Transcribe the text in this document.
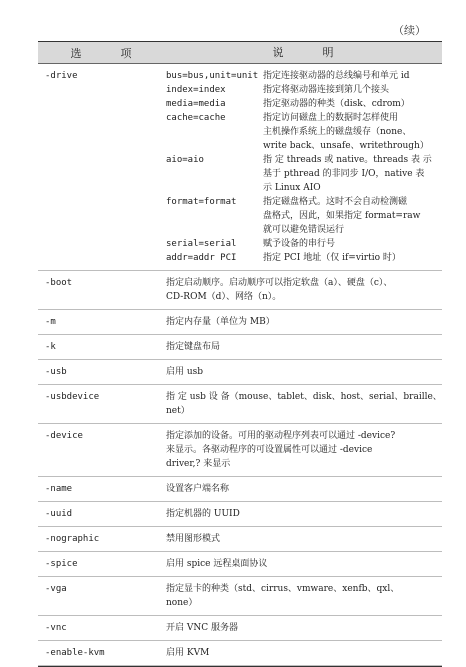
（续）
选　项	说　明
-drive	bus=bus,unit=unit 指定连接驱动器的总线编号和单元 id
index=index	指定将驱动器连接到第几个接头
media=media	指定驱动器的种类（disk、cdrom）
cache=cache	指定访问磁盘上的数据时怎样使用
主机操作系统上的磁盘缓存（none、
write back、unsafe、writethrough）
aio=aio	指 定 threads 或 native。threads 表 示
基于 pthread 的非同步 I/O，native 表
示 Linux AIO
format=format	指定磁盘格式。这时不会自动检测磁
盘格式，因此，如果指定 format=raw
就可以避免错误运行
serial=serial	赋予设备的串行号
addr=addr PCI	指定 PCI 地址（仅 if=virtio 时）
-boot	指定启动顺序。启动顺序可以指定软盘（a）、硬盘（c）、
CD-ROM（d）、网络（n）。
-m	指定内存量（单位为 MB）
-k	指定键盘布局
-usb	启用 usb
-usbdevice	指 定 usb 设 备（mouse、tablet、disk、host、serial、braille、
net）
-device	指定添加的设备。可用的驱动程序列表可以通过 -device?
来显示。各驱动程序的可设置属性可以通过 -device
driver,? 来显示
-name	设置客户端名称
-uuid	指定机器的 UUID
-nographic	禁用图形模式
-spice	启用 spice 远程桌面协议
-vga	指定显卡的种类（std、cirrus、vmware、xenfb、qxl、
none）
-vnc	开启 VNC 服务器
-enable-kvm	启用 KVM
